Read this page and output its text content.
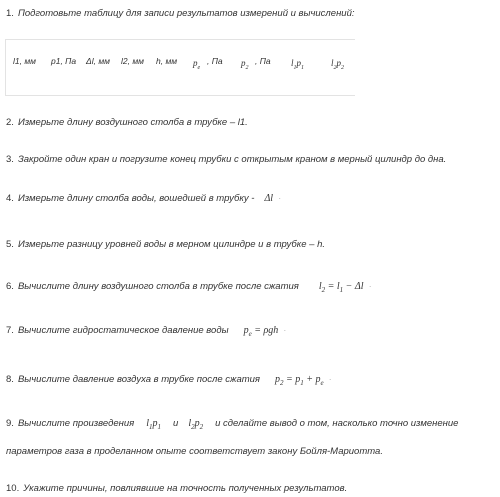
1. Подготовьте таблицу для записи результатов измерений и вычислений:
l1, мм p1, Па Δl, мм l2, мм h, мм $p_e$
, Па $p_2$
, Па $l_1p_1$	$l_2p_2$
2. Измерьте длину воздушного столба в трубке – l1.
3. Закройте один кран и погрузите конец трубки с открытым краном в мерный цилиндр до дна.
4. Измерьте длину столба воды, вошедшей в трубку - Δl ·
5. Измерьте разницу уровней воды в мерном цилиндре и в трубке – h.
6. Вычислите длину воздушного столба в трубке после сжатия $l_2 = l_1 - \Delta l$ ·
7. Вычислите гидростатическое давление воды $p_e = \rho gh$ ·
8. Вычислите давление воздуха в трубке после сжатия $p_2 = p_1 + p_e$ ·
9. Вычислите произведения $l_1p_1$ и $l_2p_2$ и сделайте вывод о том, насколько точно изменение
параметров газа в проделанном опыте соответствует закону Бойля-Мариотта.
10. Укажите причины, повлиявшие на точность полученных результатов.
